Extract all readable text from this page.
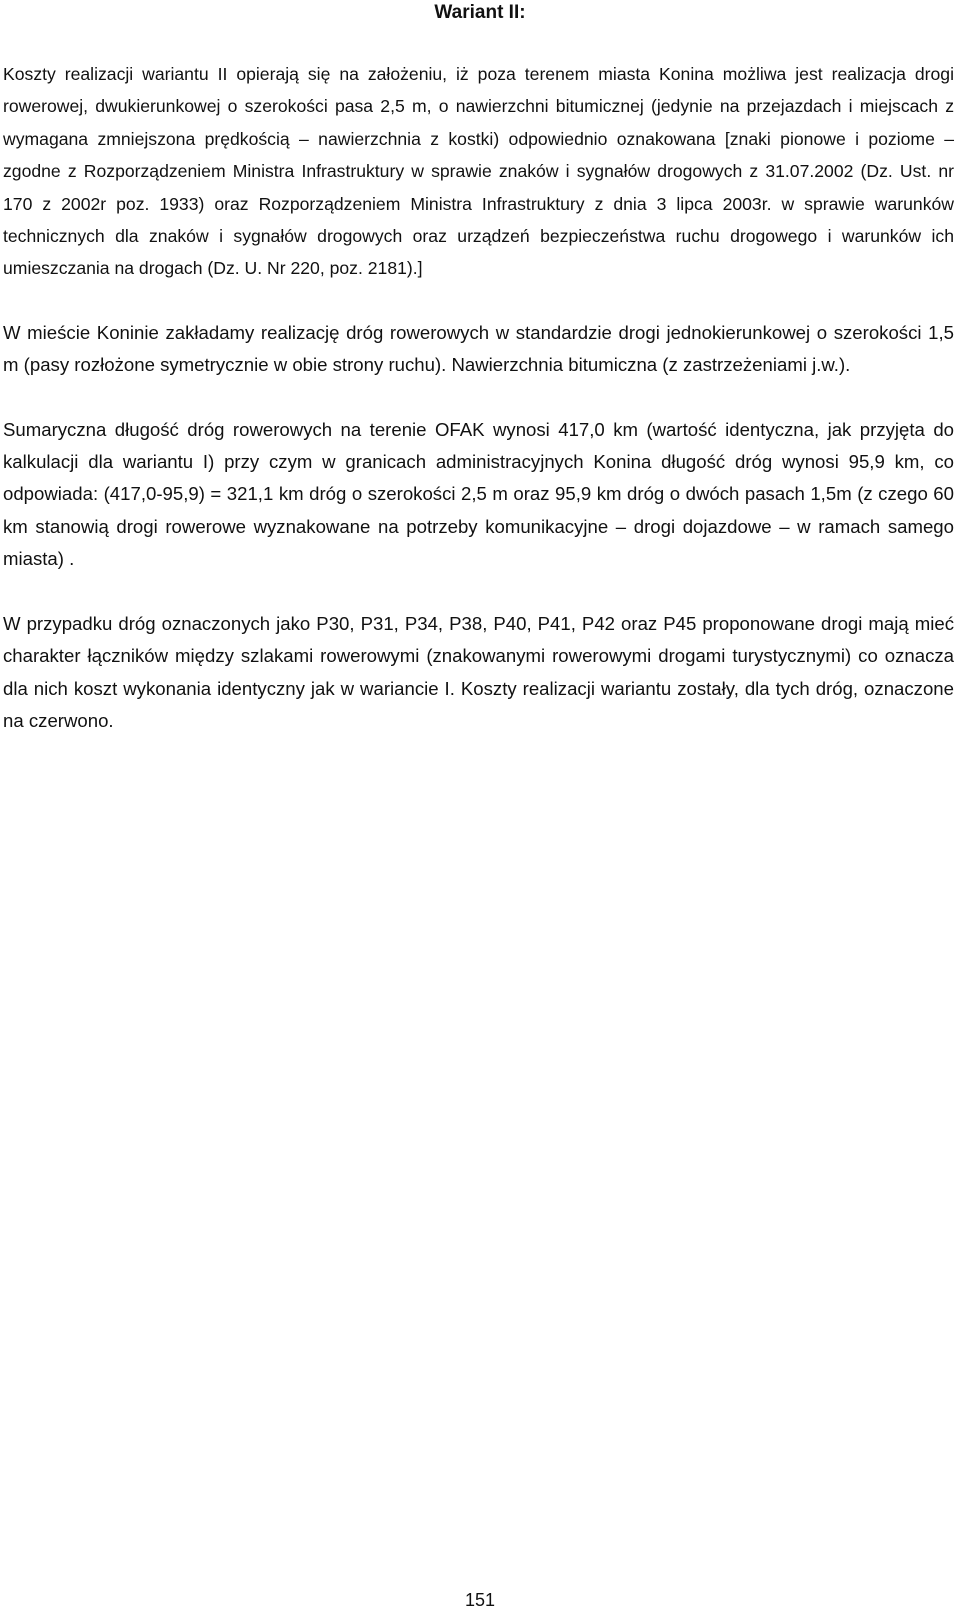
Wariant II:

Koszty realizacji wariantu II opierają się na założeniu, iż poza terenem miasta Konina możliwa jest realizacja drogi rowerowej, dwukierunkowej o szerokości pasa 2,5 m, o nawierzchni bitumicznej (jedynie na przejazdach i miejscach z wymagana zmniejszona prędkością – nawierzchnia z kostki) odpowiednio oznakowana [znaki pionowe i poziome – zgodne z Rozporządzeniem Ministra Infrastruktury w sprawie znaków i sygnałów drogowych z 31.07.2002 (Dz. Ust. nr 170 z 2002r poz. 1933) oraz Rozporządzeniem Ministra Infrastruktury z dnia 3 lipca 2003r. w sprawie warunków technicznych dla znaków i sygnałów drogowych oraz urządzeń bezpieczeństwa ruchu drogowego i warunków ich umieszczania na drogach (Dz. U. Nr 220, poz. 2181).]

W mieście Koninie zakładamy realizację dróg rowerowych w standardzie drogi jednokierunkowej o szerokości 1,5 m (pasy rozłożone symetrycznie w obie strony ruchu). Nawierzchnia bitumiczna (z zastrzeżeniami j.w.).

Sumaryczna długość dróg rowerowych na terenie OFAK wynosi 417,0 km (wartość identyczna, jak przyjęta do kalkulacji dla wariantu I) przy czym w granicach administracyjnych Konina długość dróg wynosi 95,9 km, co odpowiada: (417,0-95,9) = 321,1 km dróg o szerokości 2,5 m oraz 95,9 km dróg o dwóch pasach 1,5m (z czego 60 km stanowią drogi rowerowe wyznakowane na potrzeby komunikacyjne – drogi dojazdowe – w ramach samego miasta) .

W przypadku dróg oznaczonych jako P30, P31, P34, P38, P40, P41, P42 oraz P45 proponowane drogi mają mieć charakter łączników między szlakami rowerowymi (znakowanymi rowerowymi drogami turystycznymi) co oznacza dla nich koszt wykonania identyczny jak w wariancie I. Koszty realizacji wariantu zostały, dla tych dróg, oznaczone na czerwono.

151
